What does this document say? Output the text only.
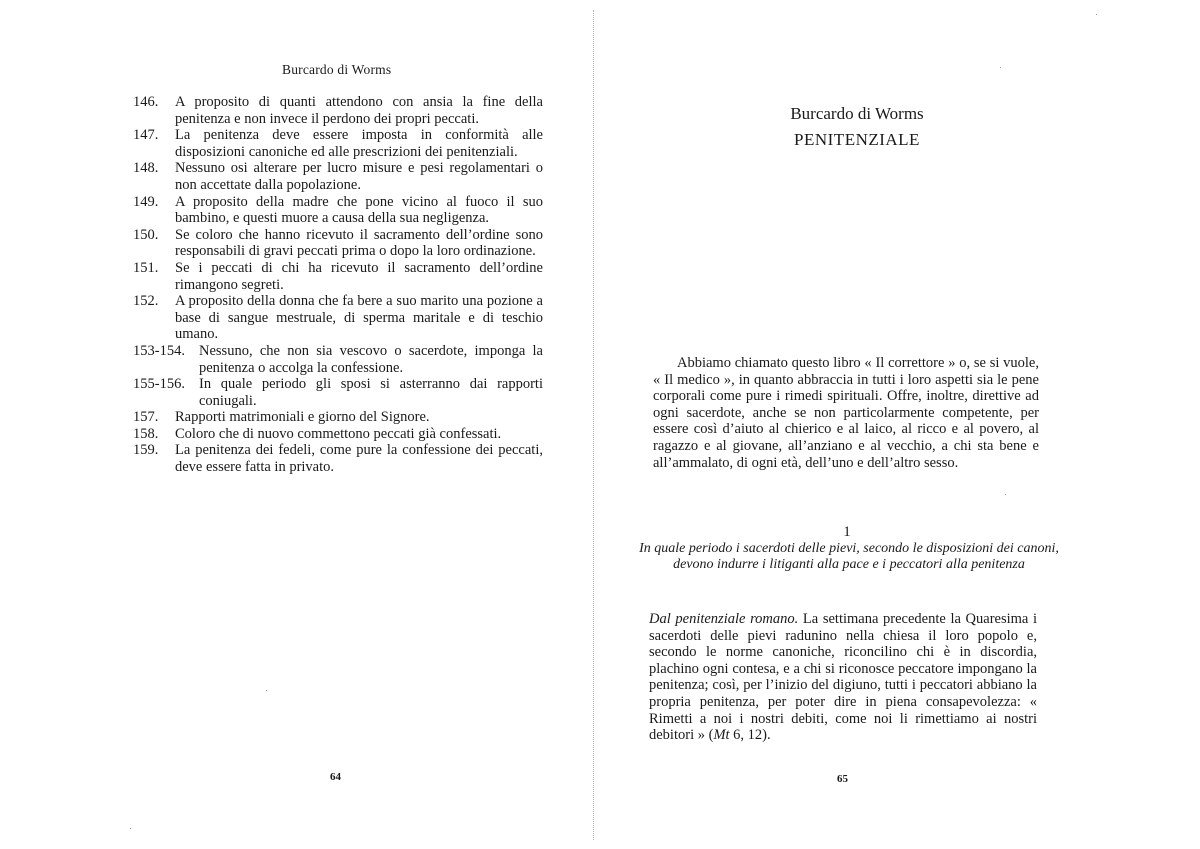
Burcardo di Worms
146.	A proposito di quanti attendono con ansia la fine della penitenza e non invece il perdono dei propri peccati.
147.	La penitenza deve essere imposta in conformità alle disposizioni canoniche ed alle prescrizioni dei penitenziali.
148.	Nessuno osi alterare per lucro misure e pesi regolamentari o non accettate dalla popolazione.
149.	A proposito della madre che pone vicino al fuoco il suo bambino, e questi muore a causa della sua negligenza.
150.	Se coloro che hanno ricevuto il sacramento dell’ordine sono responsabili di gravi peccati prima o dopo la loro ordinazione.
151.	Se i peccati di chi ha ricevuto il sacramento dell’ordine rimangono segreti.
152.	A proposito della donna che fa bere a suo marito una pozione a base di sangue mestruale, di sperma maritale e di teschio umano.
153-154. Nessuno, che non sia vescovo o sacerdote, imponga la penitenza o accolga la confessione.
155-156. In quale periodo gli sposi si asterranno dai rapporti coniugali.
157.	Rapporti matrimoniali e giorno del Signore.
158.	Coloro che di nuovo commettono peccati già confessati.
159.	La penitenza dei fedeli, come pure la confessione dei peccati, deve essere fatta in privato.
64
Burcardo di Worms
PENITENZIALE

Abbiamo chiamato questo libro « Il correttore » o, se si vuole, « Il medico », in quanto abbraccia in tutti i loro aspetti sia le pene corporali come pure i rimedi spirituali. Offre, inoltre, direttive ad ogni sacerdote, anche se non particolarmente competente, per essere così d’aiuto al chierico e al laico, al ricco e al povero, al ragazzo e al giovane, all’anziano e al vecchio, a chi sta bene e all’ammalato, di ogni età, dell’uno e dell’altro sesso.

1
In quale periodo i sacerdoti delle pievi, secondo le disposizioni dei canoni, devono indurre i litiganti alla pace e i peccatori alla penitenza

Dal penitenziale romano. La settimana precedente la Quaresima i sacerdoti delle pievi radunino nella chiesa il loro popolo e, secondo le norme canoniche, riconcilino chi è in discordia, plachino ogni contesa, e a chi si riconosce peccatore impongano la penitenza; così, per l’inizio del digiuno, tutti i peccatori abbiano la propria penitenza, per poter dire in piena consapevolezza: « Rimetti a noi i nostri debiti, come noi li rimettiamo ai nostri debitori » (Mt 6, 12).

65
